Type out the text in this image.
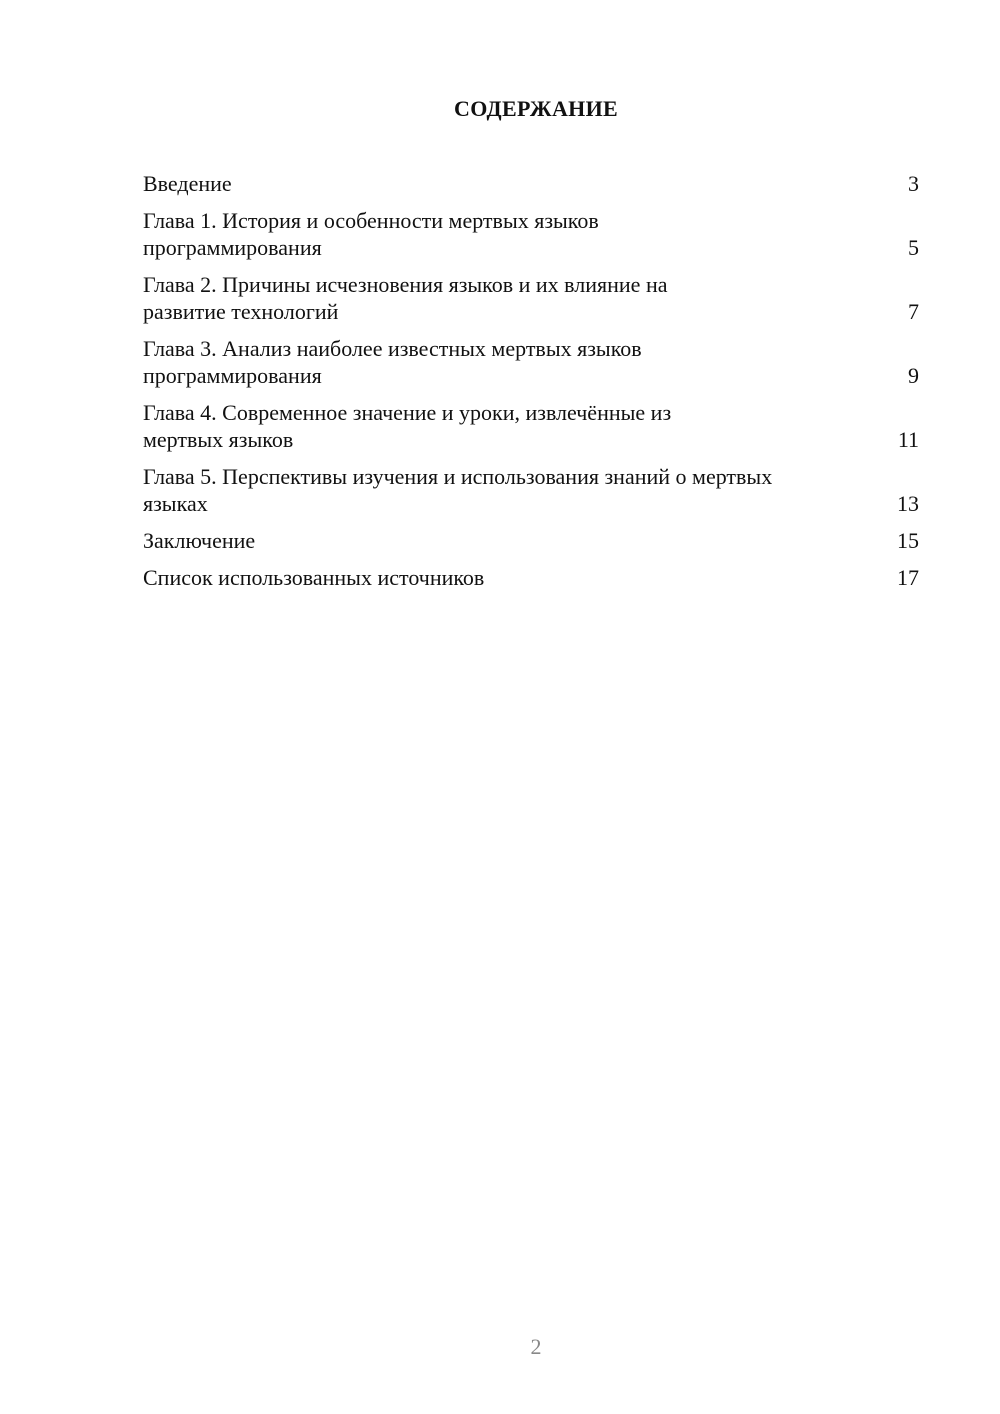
СОДЕРЖАНИЕ
Введение	3
Глава 1. История и особенности мертвых языков программирования	5
Глава 2. Причины исчезновения языков и их влияние на развитие технологий	7
Глава 3. Анализ наиболее известных мертвых языков программирования	9
Глава 4. Современное значение и уроки, извлечённые из мертвых языков	11
Глава 5. Перспективы изучения и использования знаний о мертвых языках	13
Заключение	15
Список использованных источников	17
2
